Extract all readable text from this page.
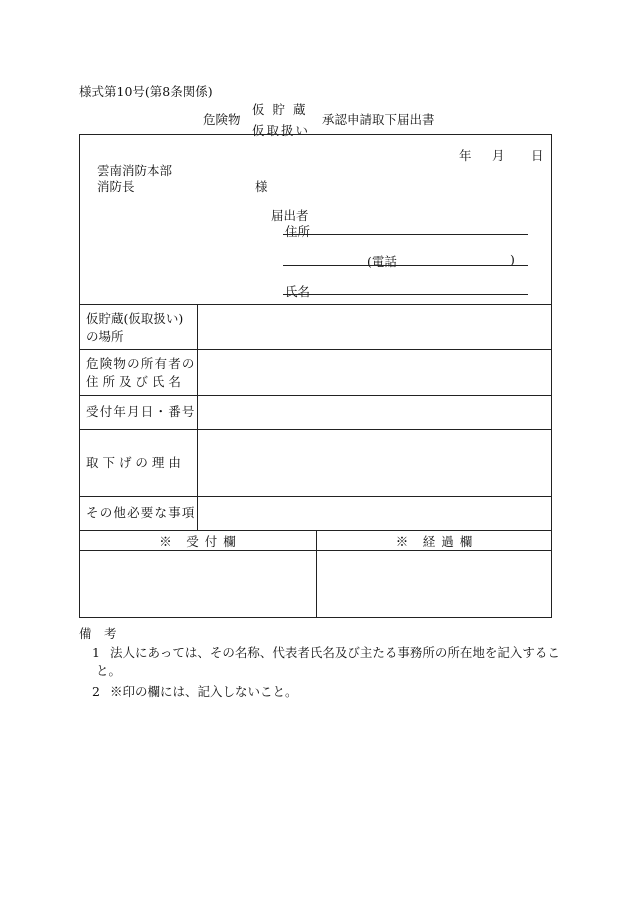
様式第10号(第8条関係)
危険物
仮 貯 蔵
仮取扱い
承認申請取下届出書
年 月 日
雲南消防本部
消防長	様
届出者
住所
(電話	)
氏名
仮貯蔵(仮取扱い)
の場所
危険物の所有者の
住 所 及 び 氏 名
受付年月日・番号
取 下 げ の 理 由
その他必要な事項
※　受 付 欄	※　経 過 欄
備　考
1 法人にあっては、その名称、代表者氏名及び主たる事務所の所在地を記入するこ
と。
2 ※印の欄には、記入しないこと。
